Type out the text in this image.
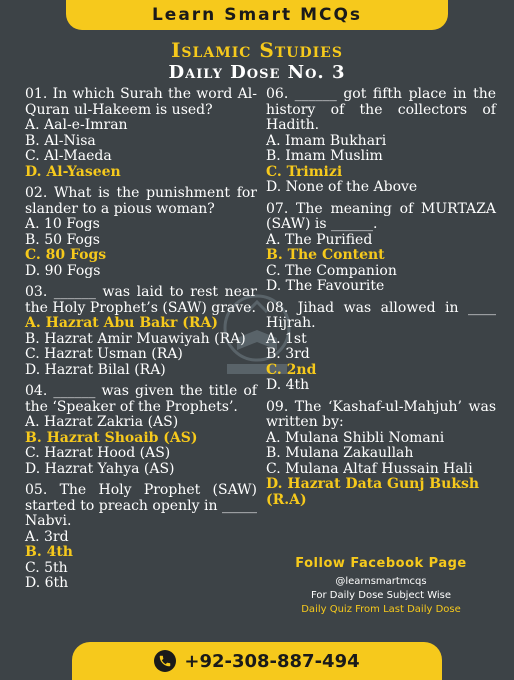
Learn Smart MCQs
Islamic Studies
Daily Dose No. 3
01. In which Surah the word Al-Quran ul-Hakeem is used?
A. Aal-e-Imran
B. Al-Nisa
C. Al-Maeda
D. Al-Yaseen
02. What is the punishment for slander to a pious woman?
A. 10 Fogs
B. 50 Fogs
C. 80 Fogs
D. 90 Fogs
03. ______ was laid to rest near the Holy Prophet’s (SAW) grave.
A. Hazrat Abu Bakr (RA)
B. Hazrat Amir Muawiyah (RA)
C. Hazrat Usman (RA)
D. Hazrat Bilal (RA)
04. ______ was given the title of the ‘Speaker of the Prophets’.
A. Hazrat Zakria (AS)
B. Hazrat Shoaib (AS)
C. Hazrat Hood (AS)
D. Hazrat Yahya (AS)
05. The Holy Prophet (SAW) started to preach openly in _____ Nabvi.
A. 3rd
B. 4th
C. 5th
D. 6th
06. ______ got fifth place in the history of the collectors of Hadith.
A. Imam Bukhari
B. Imam Muslim
C. Trimizi
D. None of the Above
07. The meaning of MURTAZA (SAW) is ______.
A. The Purified
B. The Content
C. The Companion
D. The Favourite
08. Jihad was allowed in ____ Hijrah.
A. 1st
B. 3rd
C. 2nd
D. 4th
09. The ‘Kashaf-ul-Mahjuh’ was written by:
A. Mulana Shibli Nomani
B. Mulana Zakaullah
C. Mulana Altaf Hussain Hali
D. Hazrat Data Gunj Buksh (R.A)
Follow Facebook Page
@learnsmartmcqs
For Daily Dose Subject Wise
Daily Quiz From Last Daily Dose
+92-308-887-494
